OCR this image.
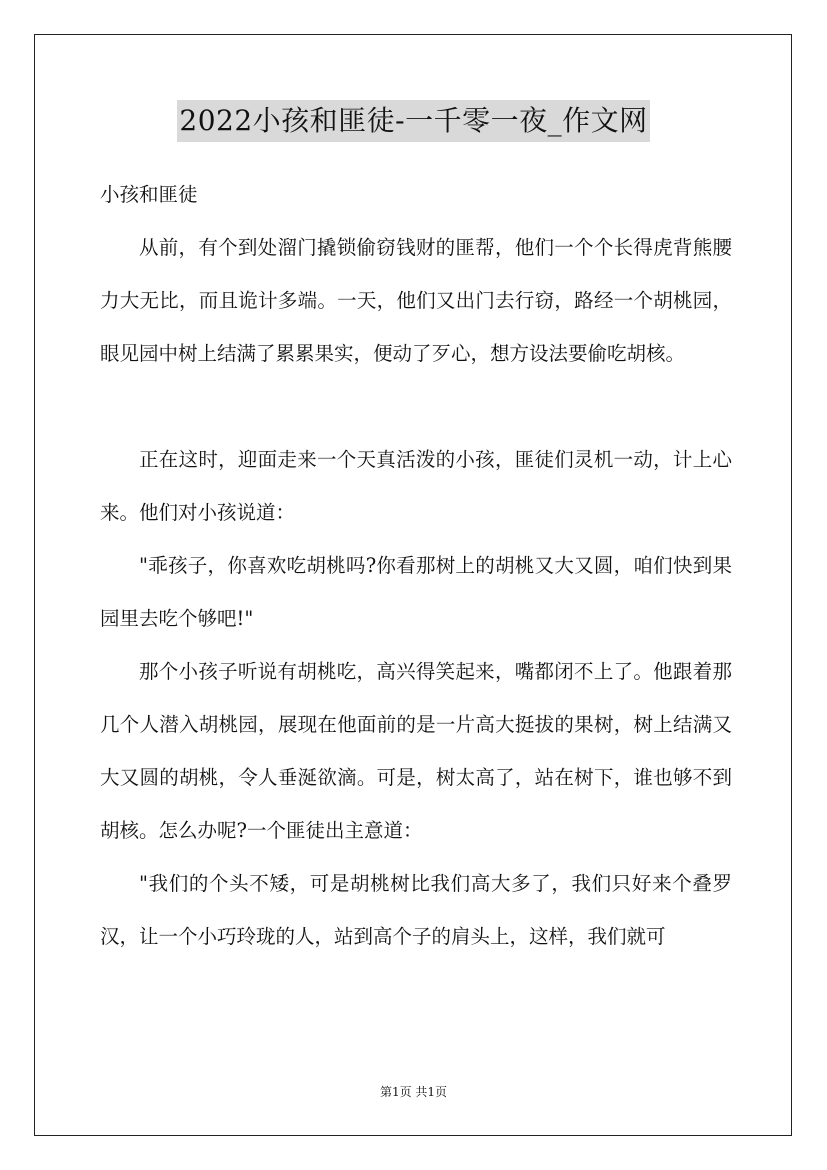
2022小孩和匪徒-一千零一夜_作文网

小孩和匪徒

从前，有个到处溜门撬锁偷窃钱财的匪帮，他们一个个长得虎背熊腰力大无比，而且诡计多端。一天，他们又出门去行窃，路经一个胡桃园，眼见园中树上结满了累累果实，便动了歹心，想方设法要偷吃胡核。

正在这时，迎面走来一个天真活泼的小孩，匪徒们灵机一动，计上心来。他们对小孩说道：

"乖孩子，你喜欢吃胡桃吗?你看那树上的胡桃又大又圆，咱们快到果园里去吃个够吧!"

那个小孩子听说有胡桃吃，高兴得笑起来，嘴都闭不上了。他跟着那几个人潜入胡桃园，展现在他面前的是一片高大挺拔的果树，树上结满又大又圆的胡桃，令人垂涎欲滴。可是，树太高了，站在树下，谁也够不到胡核。怎么办呢?一个匪徒出主意道：

"我们的个头不矮，可是胡桃树比我们高大多了，我们只好来个叠罗汉，让一个小巧玲珑的人，站到高个子的肩头上，这样，我们就可

第1页 共1页
